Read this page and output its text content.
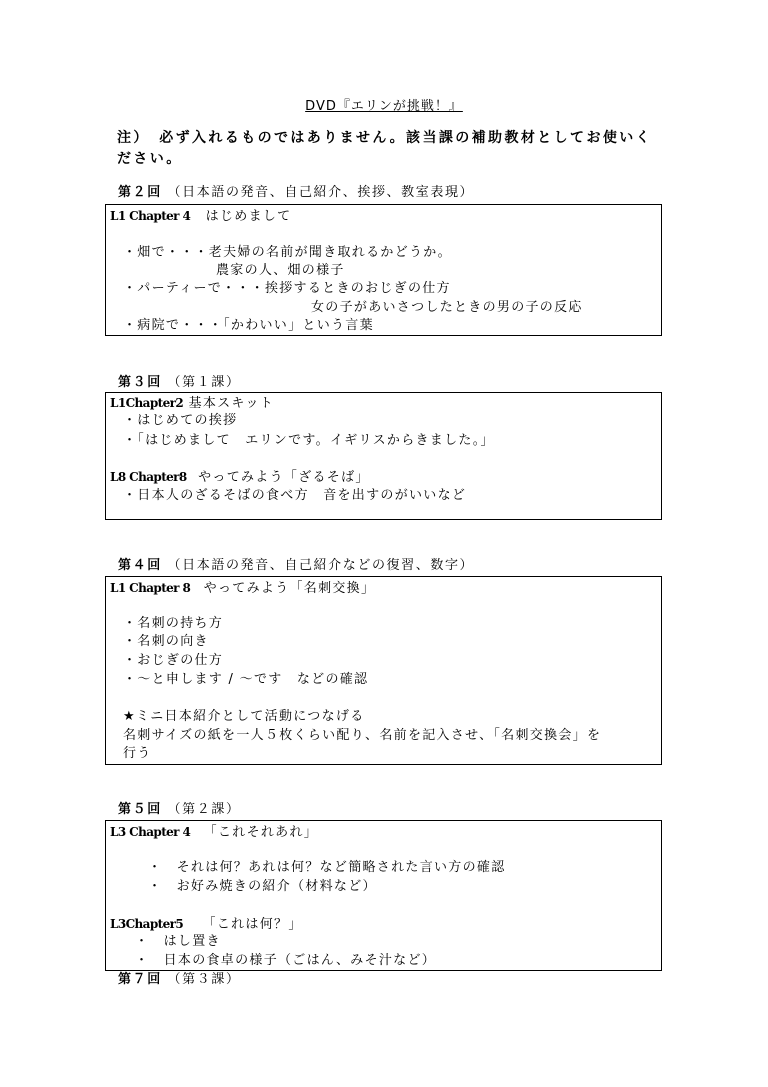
DVD『エリンが挑戦！』
注）　必ず入れるものではありません。該当課の補助教材としてお使いください。
第２回 （日本語の発音、自己紹介、挨拶、教室表現）
L1 Chapter 4 はじめまして
・畑で・・・老夫婦の名前が聞き取れるかどうか。
農家の人、畑の様子
・パーティーで・・・挨拶するときのおじぎの仕方
女の子があいさつしたときの男の子の反応
・病院で・・・「かわいい」という言葉
第３回 （第１課）
L1Chapter2 基本スキット
・はじめての挨拶
・「はじめまして　エリンです。イギリスからきました。」
L8 Chapter8 やってみよう「ざるそば」
・日本人のざるそばの食べ方　音を出すのがいいなど
第４回 （日本語の発音、自己紹介などの復習、数字）
L1 Chapter 8 やってみよう「名刺交換」
・名刺の持ち方
・名刺の向き
・おじぎの仕方
・～と申します / ～です　などの確認
★ミニ日本紹介として活動につなげる
名刺サイズの紙を一人５枚くらい配り、名前を記入させ、「名刺交換会」を
行う
第５回 （第２課）
L3 Chapter 4 「これそれあれ」
・　それは何？あれは何？など簡略された言い方の確認
・　お好み焼きの紹介（材料など）
L3Chapter5 「これは何？」
・　はし置き
・　日本の食卓の様子（ごはん、みそ汁など）
第７回 （第３課）
